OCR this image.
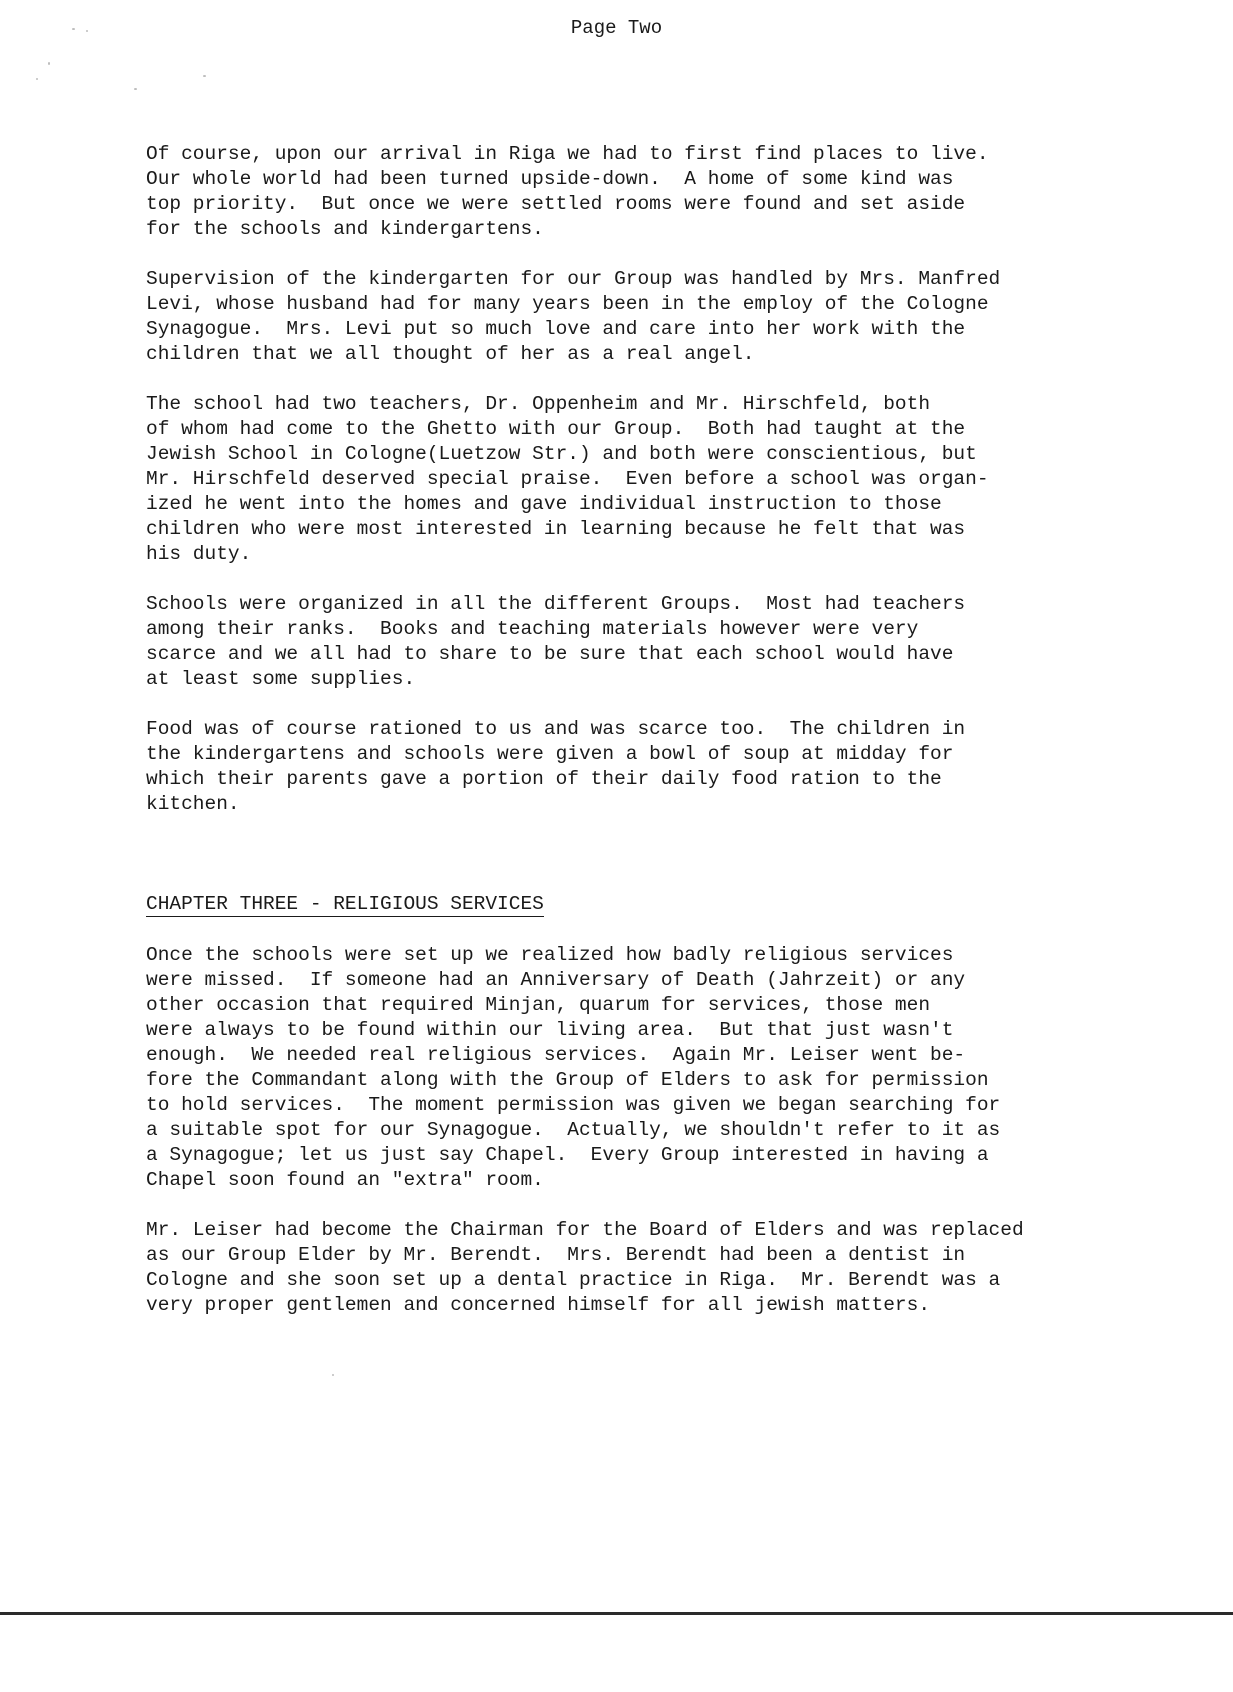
Page Two
Of course, upon our arrival in Riga we had to first find places to live.
Our whole world had been turned upside-down.  A home of some kind was
top priority.  But once we were settled rooms were found and set aside
for the schools and kindergartens.
Supervision of the kindergarten for our Group was handled by Mrs. Manfred
Levi, whose husband had for many years been in the employ of the Cologne
Synagogue.  Mrs. Levi put so much love and care into her work with the
children that we all thought of her as a real angel.
The school had two teachers, Dr. Oppenheim and Mr. Hirschfeld, both
of whom had come to the Ghetto with our Group.  Both had taught at the
Jewish School in Cologne(Luetzow Str.) and both were conscientious, but
Mr. Hirschfeld deserved special praise.  Even before a school was organ-
ized he went into the homes and gave individual instruction to those
children who were most interested in learning because he felt that was
his duty.
Schools were organized in all the different Groups.  Most had teachers
among their ranks.  Books and teaching materials however were very
scarce and we all had to share to be sure that each school would have
at least some supplies.
Food was of course rationed to us and was scarce too.  The children in
the kindergartens and schools were given a bowl of soup at midday for
which their parents gave a portion of their daily food ration to the
kitchen.
CHAPTER THREE - RELIGIOUS SERVICES
Once the schools were set up we realized how badly religious services
were missed.  If someone had an Anniversary of Death (Jahrzeit) or any
other occasion that required Minjan, quarum for services, those men
were always to be found within our living area.  But that just wasn't
enough.  We needed real religious services.  Again Mr. Leiser went be-
fore the Commandant along with the Group of Elders to ask for permission
to hold services.  The moment permission was given we began searching for
a suitable spot for our Synagogue.  Actually, we shouldn't refer to it as
a Synagogue; let us just say Chapel.  Every Group interested in having a
Chapel soon found an "extra" room.
Mr. Leiser had become the Chairman for the Board of Elders and was replaced
as our Group Elder by Mr. Berendt.  Mrs. Berendt had been a dentist in
Cologne and she soon set up a dental practice in Riga.  Mr. Berendt was a
very proper gentlemen and concerned himself for all jewish matters.
